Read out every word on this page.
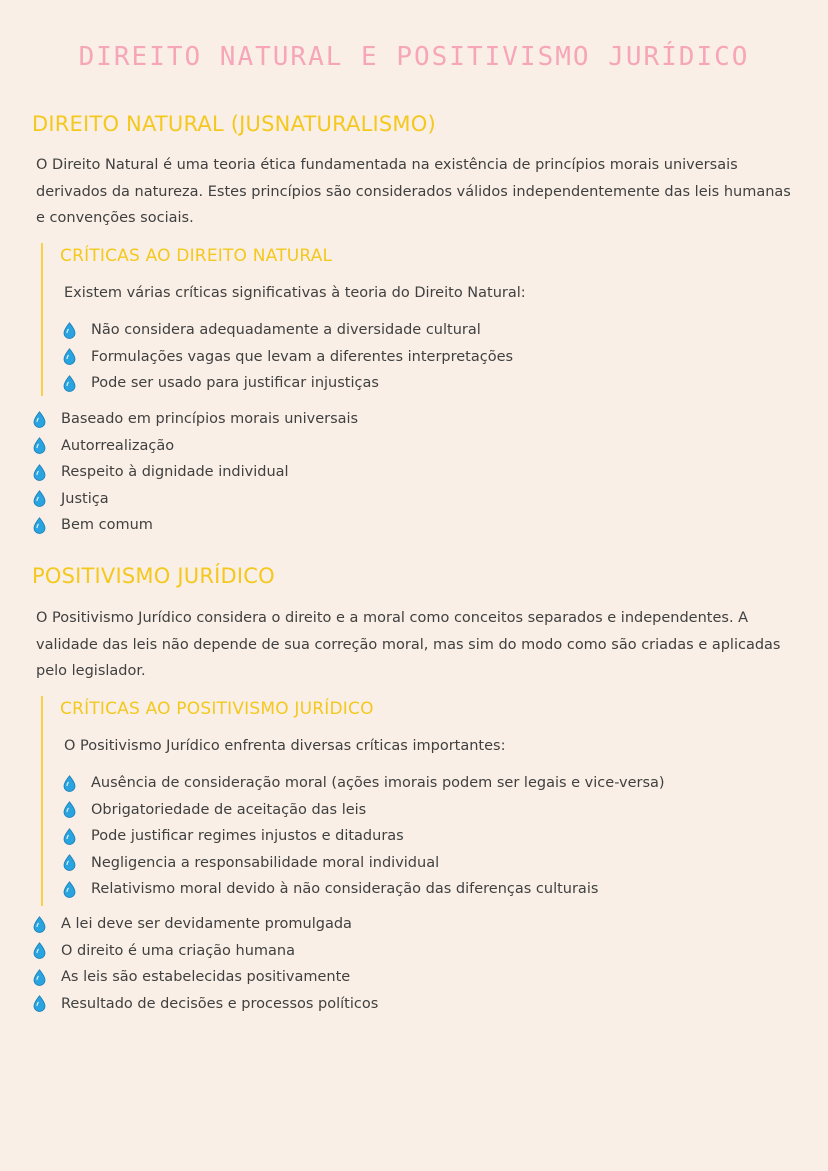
DIREITO NATURAL E POSITIVISMO JURÍDICO
DIREITO NATURAL (JUSNATURALISMO)
O Direito Natural é uma teoria ética fundamentada na existência de princípios morais universais derivados da natureza. Estes princípios são considerados válidos independentemente das leis humanas e convenções sociais.
CRÍTICAS AO DIREITO NATURAL
Existem várias críticas significativas à teoria do Direito Natural:
Não considera adequadamente a diversidade cultural
Formulações vagas que levam a diferentes interpretações
Pode ser usado para justificar injustiças
Baseado em princípios morais universais
Autorrealização
Respeito à dignidade individual
Justiça
Bem comum
POSITIVISMO JURÍDICO
O Positivismo Jurídico considera o direito e a moral como conceitos separados e independentes. A validade das leis não depende de sua correção moral, mas sim do modo como são criadas e aplicadas pelo legislador.
CRÍTICAS AO POSITIVISMO JURÍDICO
O Positivismo Jurídico enfrenta diversas críticas importantes:
Ausência de consideração moral (ações imorais podem ser legais e vice-versa)
Obrigatoriedade de aceitação das leis
Pode justificar regimes injustos e ditaduras
Negligencia a responsabilidade moral individual
Relativismo moral devido à não consideração das diferenças culturais
A lei deve ser devidamente promulgada
O direito é uma criação humana
As leis são estabelecidas positivamente
Resultado de decisões e processos políticos
